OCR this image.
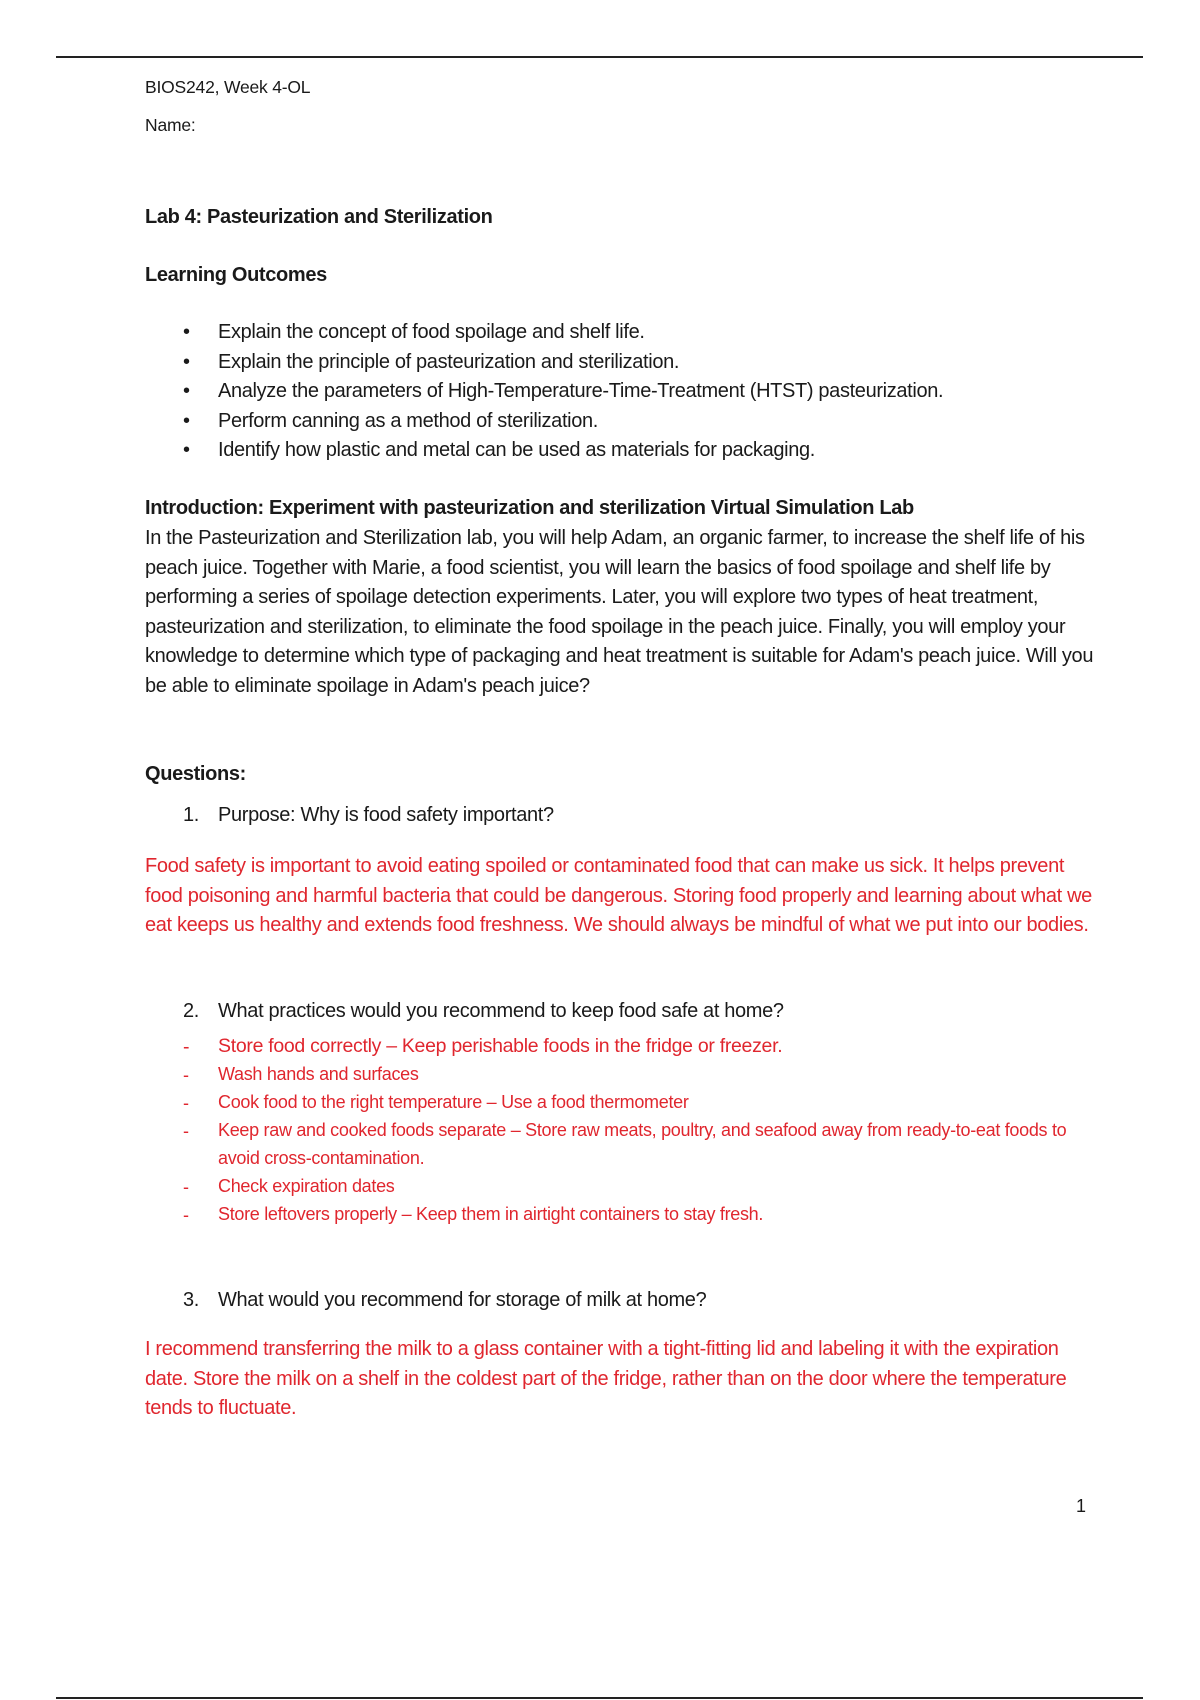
BIOS242, Week 4-OL
Name:
Lab 4: Pasteurization and Sterilization
Learning Outcomes
• Explain the concept of food spoilage and shelf life.
• Explain the principle of pasteurization and sterilization.
• Analyze the parameters of High-Temperature-Time-Treatment (HTST) pasteurization.
• Perform canning as a method of sterilization.
• Identify how plastic and metal can be used as materials for packaging.
Introduction: Experiment with pasteurization and sterilization Virtual Simulation Lab
In the Pasteurization and Sterilization lab, you will help Adam, an organic farmer, to increase the shelf life of his peach juice. Together with Marie, a food scientist, you will learn the basics of food spoilage and shelf life by performing a series of spoilage detection experiments. Later, you will explore two types of heat treatment, pasteurization and sterilization, to eliminate the food spoilage in the peach juice. Finally, you will employ your knowledge to determine which type of packaging and heat treatment is suitable for Adam's peach juice. Will you be able to eliminate spoilage in Adam's peach juice?
Questions:
1. Purpose: Why is food safety important?
Food safety is important to avoid eating spoiled or contaminated food that can make us sick. It helps prevent food poisoning and harmful bacteria that could be dangerous. Storing food properly and learning about what we eat keeps us healthy and extends food freshness. We should always be mindful of what we put into our bodies.
2. What practices would you recommend to keep food safe at home?
- Store food correctly – Keep perishable foods in the fridge or freezer.
- Wash hands and surfaces
- Cook food to the right temperature – Use a food thermometer
- Keep raw and cooked foods separate – Store raw meats, poultry, and seafood away from ready-to-eat foods to avoid cross-contamination.
- Check expiration dates
- Store leftovers properly – Keep them in airtight containers to stay fresh.
3. What would you recommend for storage of milk at home?
I recommend transferring the milk to a glass container with a tight-fitting lid and labeling it with the expiration date. Store the milk on a shelf in the coldest part of the fridge, rather than on the door where the temperature tends to fluctuate.
1
